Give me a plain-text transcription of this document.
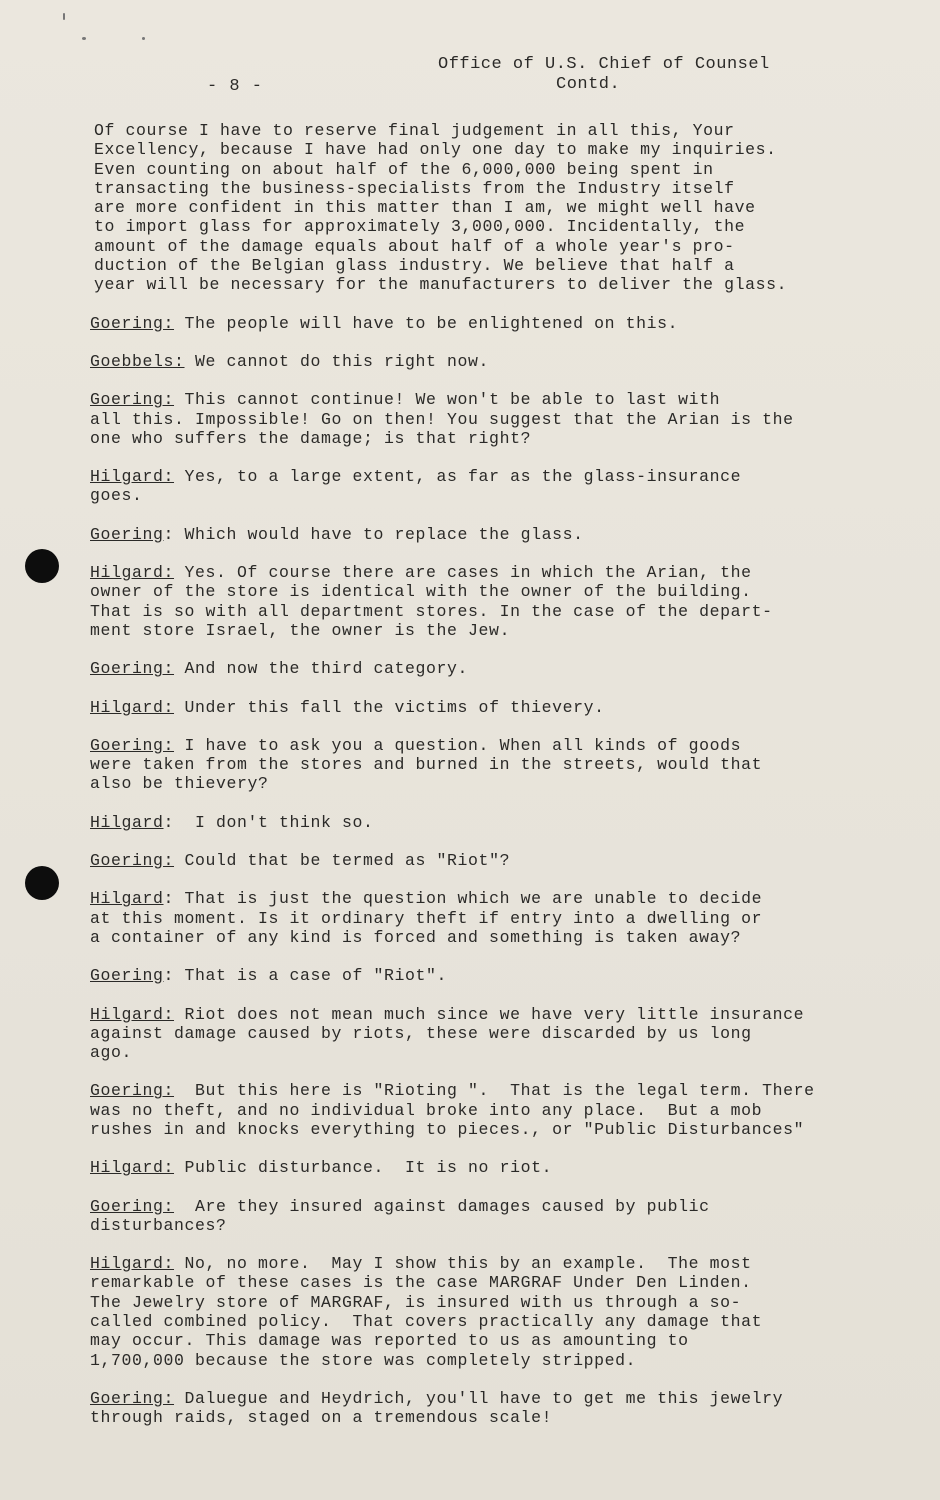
Office of U.S. Chief of Counsel
Contd.
- 8 -

Of course I have to reserve final judgement in all this, Your
Excellency, because I have had only one day to make my inquiries.
Even counting on about half of the 6,000,000 being spent in
transacting the business-specialists from the Industry itself
are more confident in this matter than I am, we might well have
to import glass for approximately 3,000,000. Incidentally, the
amount of the damage equals about half of a whole year's pro-
duction of the Belgian glass industry. We believe that half a
year will be necessary for the manufacturers to deliver the glass.

Goering: The people will have to be enlightened on this.

Goebbels: We cannot do this right now.

Goering: This cannot continue! We won't be able to last with
all this. Impossible! Go on then! You suggest that the Arian is the
one who suffers the damage; is that right?

Hilgard: Yes, to a large extent, as far as the glass-insurance
goes.

Goering: Which would have to replace the glass.

Hilgard: Yes. Of course there are cases in which the Arian, the
owner of the store is identical with the owner of the building.
That is so with all department stores. In the case of the depart-
ment store Israel, the owner is the Jew.

Goering: And now the third category.

Hilgard: Under this fall the victims of thievery.

Goering: I have to ask you a question. When all kinds of goods
were taken from the stores and burned in the streets, would that
also be thievery?

Hilgard:  I don't think so.

Goering: Could that be termed as "Riot"?

Hilgard: That is just the question which we are unable to decide
at this moment. Is it ordinary theft if entry into a dwelling or
a container of any kind is forced and something is taken away?

Goering: That is a case of "Riot".

Hilgard: Riot does not mean much since we have very little insurance
against damage caused by riots, these were discarded by us long
ago.

Goering:  But this here is "Rioting ".  That is the legal term. There
was no theft, and no individual broke into any place.  But a mob
rushes in and knocks everything to pieces., or "Public Disturbances"

Hilgard: Public disturbance.  It is no riot.

Goering:  Are they insured against damages caused by public
disturbances?

Hilgard: No, no more.  May I show this by an example.  The most
remarkable of these cases is the case MARGRAF Under Den Linden.
The Jewelry store of MARGRAF, is insured with us through a so-
called combined policy.  That covers practically any damage that
may occur. This damage was reported to us as amounting to
1,700,000 because the store was completely stripped.

Goering: Daluegue and Heydrich, you'll have to get me this jewelry
through raids, staged on a tremendous scale!
